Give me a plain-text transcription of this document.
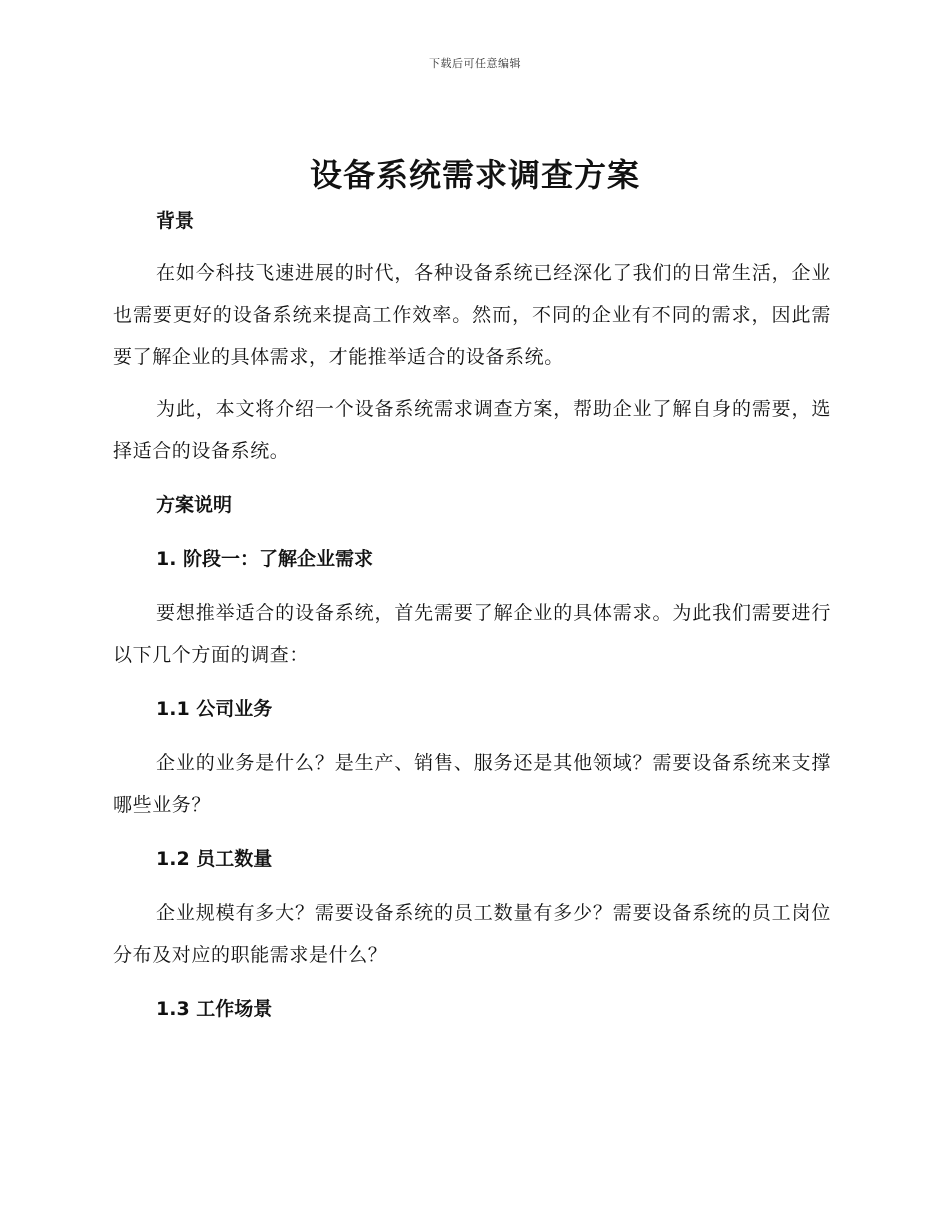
下载后可任意编辑
设备系统需求调查方案

背景

在如今科技飞速进展的时代，各种设备系统已经深化了我们的日常生活，企业也需要更好的设备系统来提高工作效率。然而，不同的企业有不同的需求，因此需要了解企业的具体需求，才能推举适合的设备系统。

为此，本文将介绍一个设备系统需求调查方案，帮助企业了解自身的需要，选择适合的设备系统。

方案说明

1. 阶段一：了解企业需求

要想推举适合的设备系统，首先需要了解企业的具体需求。为此我们需要进行以下几个方面的调查：

1.1 公司业务

企业的业务是什么？是生产、销售、服务还是其他领域？需要设备系统来支撑哪些业务？

1.2 员工数量

企业规模有多大？需要设备系统的员工数量有多少？需要设备系统的员工岗位分布及对应的职能需求是什么？

1.3 工作场景
